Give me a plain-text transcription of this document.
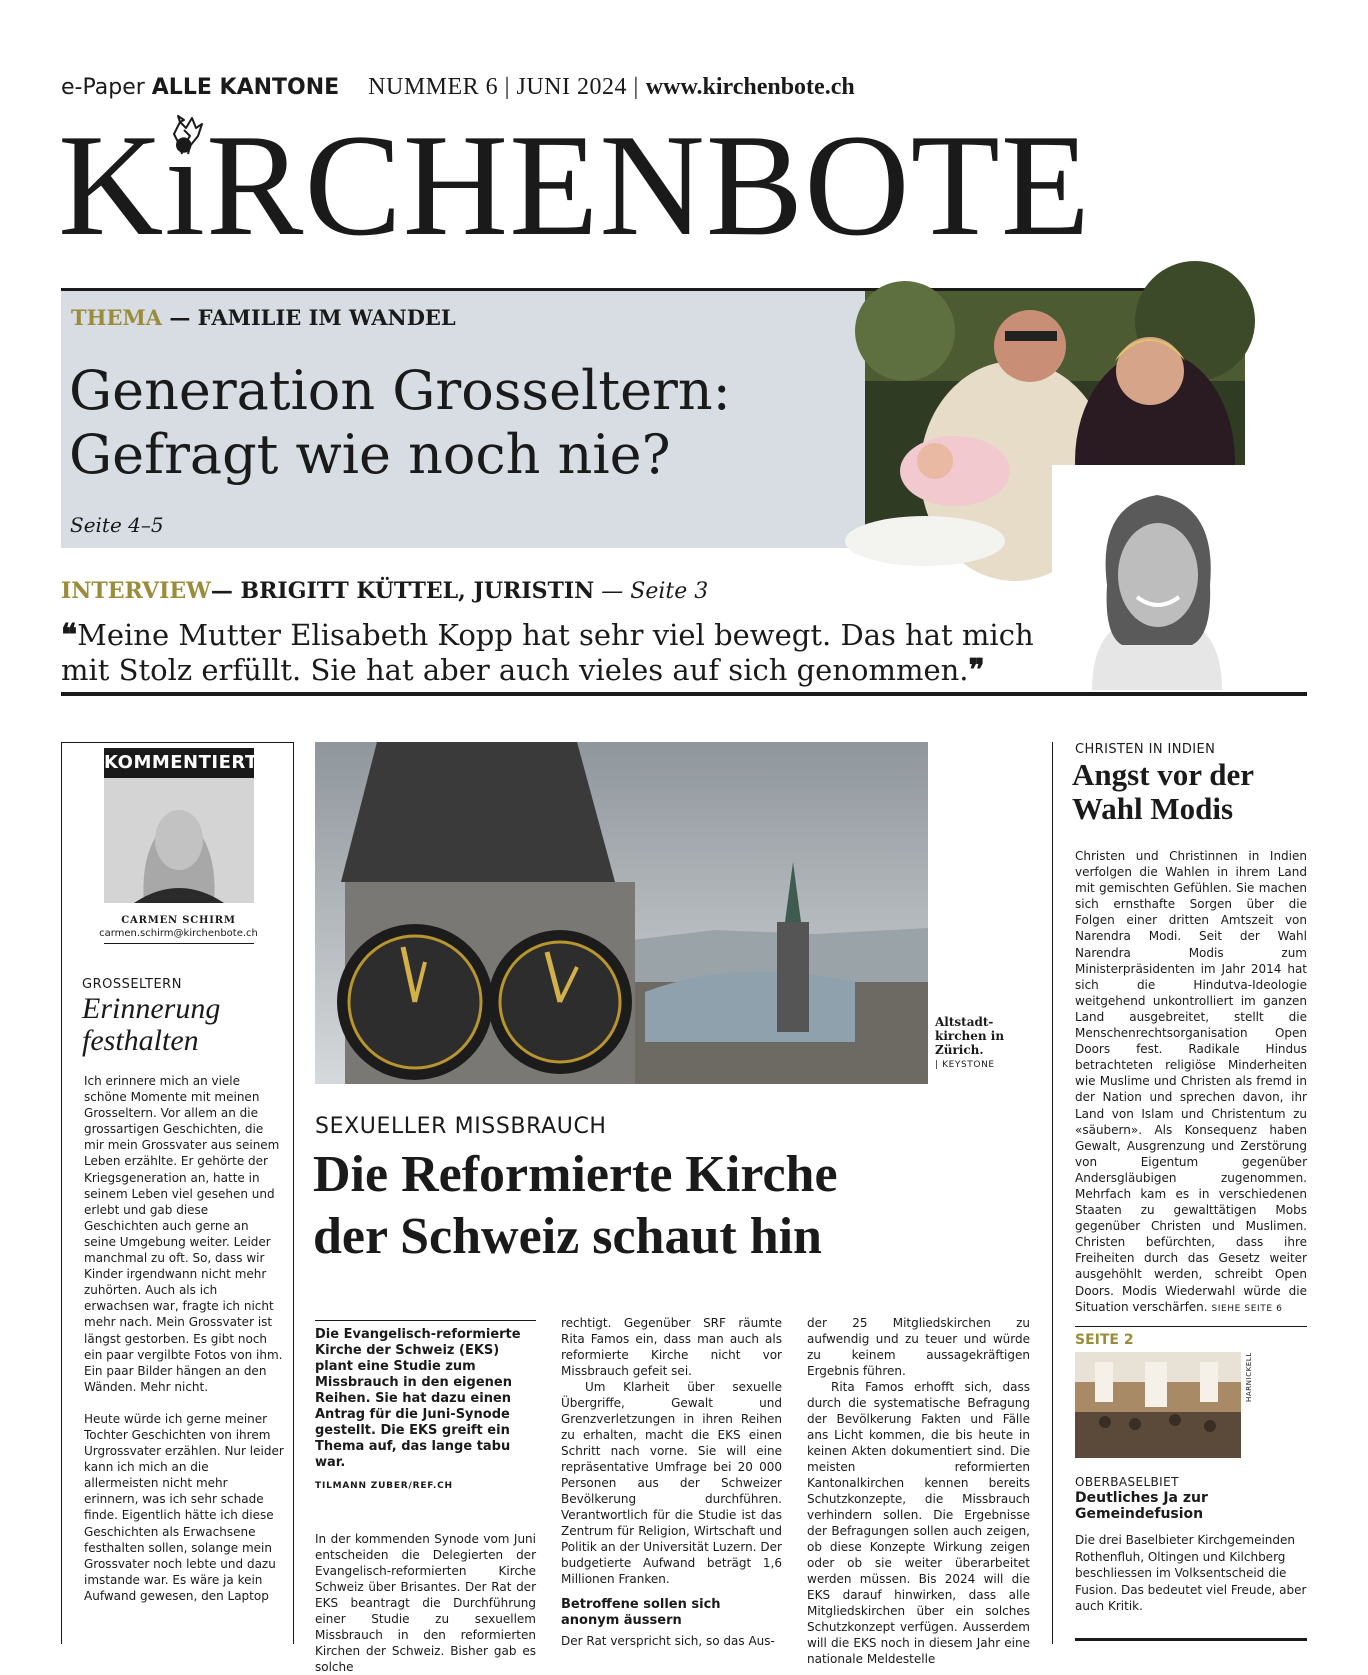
e-Paper ALLE KANTONE NUMMER 6 | JUNI 2024 | www.kirchenbote.ch
KiRCHENBOTE
THEMA — FAMILIE IM WANDEL
Generation Grosseltern:
Gefragt wie noch nie?
Seite 4–5
INTERVIEW— BRIGITT KÜTTEL, JURISTIN — Seite 3
❝Meine Mutter Elisabeth Kopp hat sehr viel bewegt. Das hat mich
mit Stolz erfüllt. Sie hat aber auch vieles auf sich genommen.❞
KOMMENTIERT
CARMEN SCHIRM
carmen.schirm@kirchenbote.ch
GROSSELTERN
Erinnerung festhalten

Ich erinnere mich an viele schöne Momente mit meinen Grosseltern. Vor allem an die grossartigen Geschichten, die mir mein Grossvater aus seinem Leben erzählte. Er gehörte der Kriegsgeneration an, hatte in seinem Leben viel gesehen und erlebt und gab diese Geschichten auch gerne an seine Umgebung weiter. Leider manchmal zu oft. So, dass wir Kinder irgendwann nicht mehr zuhörten. Auch als ich erwachsen war, fragte ich nicht mehr nach. Mein Grossvater ist längst gestorben. Es gibt noch ein paar vergilbte Fotos von ihm. Ein paar Bilder hängen an den Wänden. Mehr nicht.

Heute würde ich gerne meiner Tochter Geschichten von ihrem Urgrossvater erzählen. Nur leider kann ich mich an die allermeisten nicht mehr erinnern, was ich sehr schade finde. Eigentlich hätte ich diese Geschichten als Erwachsene festhalten sollen, solange mein Grossvater noch lebte und dazu imstande war. Es wäre ja kein Aufwand gewesen, den Laptop

Altstadt-kirchen in Zürich.
| KEYSTONE
SEXUELLER MISSBRAUCH
Die Reformierte Kirche
der Schweiz schaut hin
Die Evangelisch-reformierte Kirche der Schweiz (EKS) plant eine Studie zum Missbrauch in den eigenen Reihen. Sie hat dazu einen Antrag für die Juni-Synode gestellt. Die EKS greift ein Thema auf, das lange tabu war.
TILMANN ZUBER/REF.CH
In der kommenden Synode vom Juni entscheiden die Delegierten der Evangelisch-reformierten Kirche Schweiz über Brisantes. Der Rat der EKS beantragt die Durchführung einer Studie zu sexuellem Missbrauch in den reformierten Kirchen der Schweiz. Bisher gab es solche
rechtigt. Gegenüber SRF räumte Rita Famos ein, dass man auch als reformierte Kirche nicht vor Missbrauch gefeit sei.
Um Klarheit über sexuelle Übergriffe, Gewalt und Grenzverletzungen in ihren Reihen zu erhalten, macht die EKS einen Schritt nach vorne. Sie will eine repräsentative Umfrage bei 20 000 Personen aus der Schweizer Bevölkerung durchführen. Verantwortlich für die Studie ist das Zentrum für Religion, Wirtschaft und Politik an der Universität Luzern. Der budgetierte Aufwand beträgt 1,6 Millionen Franken.
Betroffene sollen sich anonym äussern
Der Rat verspricht sich, so das Aus-
der 25 Mitgliedskirchen zu aufwendig und zu teuer und würde zu keinem aussagekräftigen Ergebnis führen.
Rita Famos erhofft sich, dass durch die systematische Befragung der Bevölkerung Fakten und Fälle ans Licht kommen, die bis heute in keinen Akten dokumentiert sind. Die meisten reformierten Kantonalkirchen kennen bereits Schutzkonzepte, die Missbrauch verhindern sollen. Die Ergebnisse der Befragungen sollen auch zeigen, ob diese Konzepte Wirkung zeigen oder ob sie weiter überarbeitet werden müssen. Bis 2024 will die EKS darauf hinwirken, dass alle Mitgliedskirchen über ein solches Schutzkonzept verfügen. Ausserdem will die EKS noch in diesem Jahr eine nationale Meldestelle
CHRISTEN IN INDIEN
Angst vor der Wahl Modis
Christen und Christinnen in Indien verfolgen die Wahlen in ihrem Land mit gemischten Gefühlen. Sie machen sich ernsthafte Sorgen über die Folgen einer dritten Amtszeit von Narendra Modi. Seit der Wahl Narendra Modis zum Ministerpräsidenten im Jahr 2014 hat sich die Hindutva-Ideologie weitgehend unkontrolliert im ganzen Land ausgebreitet, stellt die Menschenrechtsorganisation Open Doors fest. Radikale Hindus betrachteten religiöse Minderheiten wie Muslime und Christen als fremd in der Nation und sprechen davon, ihr Land von Islam und Christentum zu «säubern». Als Konsequenz haben Gewalt, Ausgrenzung und Zerstörung von Eigentum gegenüber Andersgläubigen zugenommen. Mehrfach kam es in verschiedenen Staaten zu gewalttätigen Mobs gegenüber Christen und Muslimen. Christen befürchten, dass ihre Freiheiten durch das Gesetz weiter ausgehöhlt werden, schreibt Open Doors. Modis Wiederwahl würde die Situation verschärfen. SIEHE SEITE 6
SEITE 2
HARNICKELL
OBERBASELBIET
Deutliches Ja zur Gemeindefusion
Die drei Baselbieter Kirchgemeinden Rothenfluh, Oltingen und Kilchberg beschliessen im Volksentscheid die Fusion. Das bedeutet viel Freude, aber auch Kritik.
